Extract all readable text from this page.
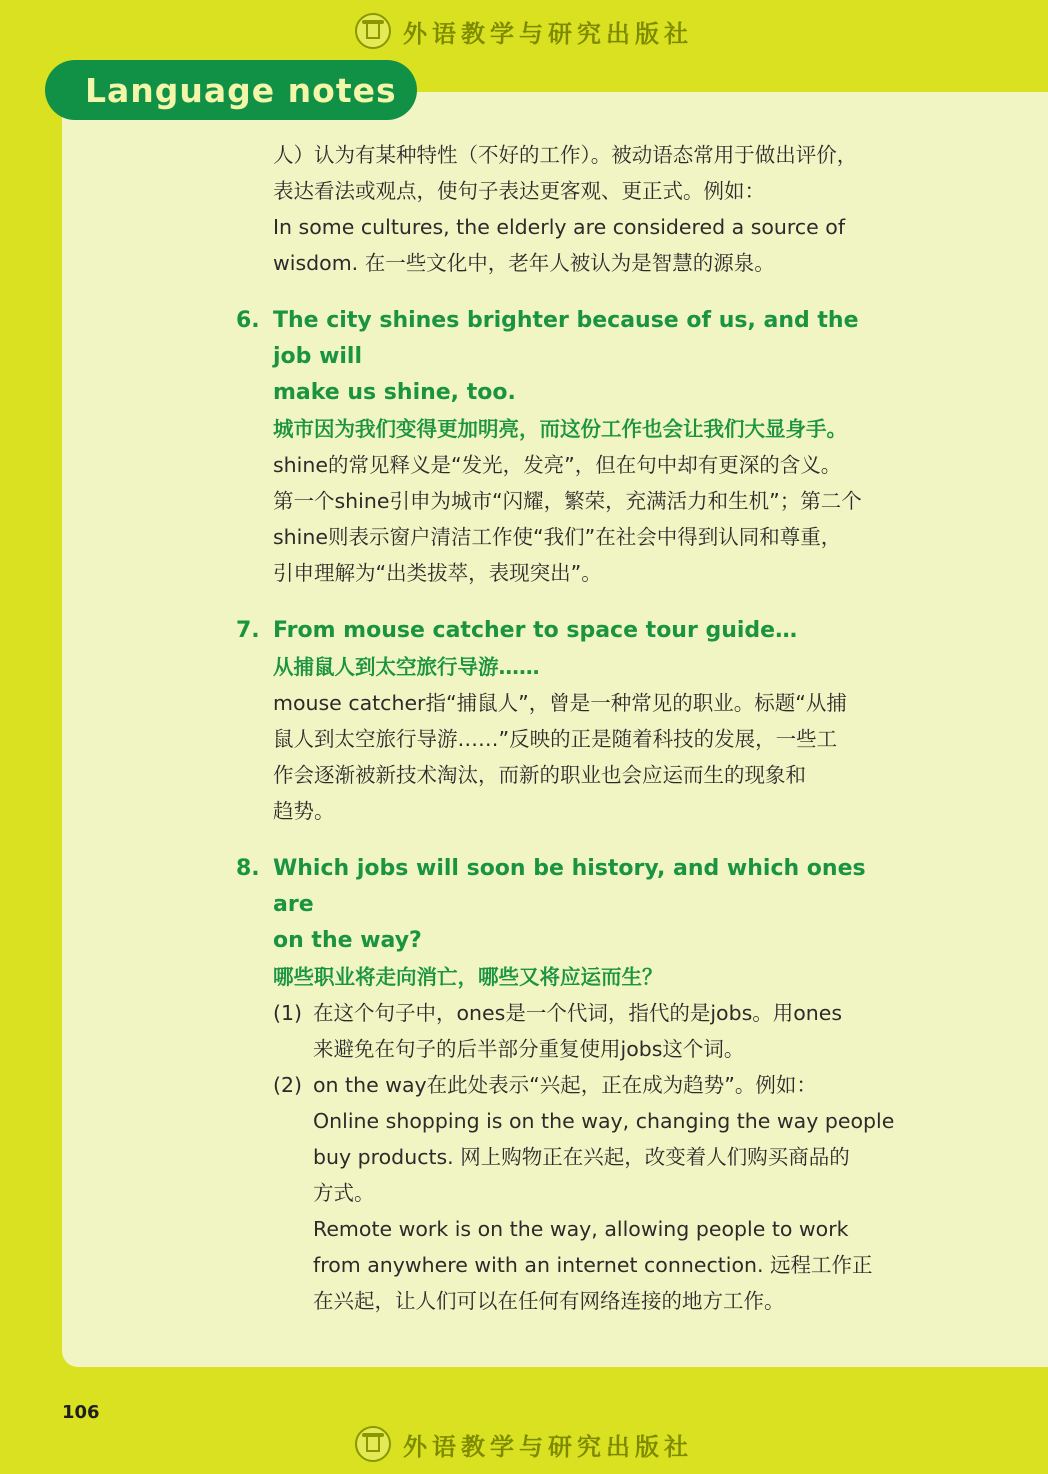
外语教学与研究出版社
Language notes
人）认为有某种特性（不好的工作）。被动语态常用于做出评价，
表达看法或观点，使句子表达更客观、更正式。例如：
In some cultures, the elderly are considered a source of
wisdom. 在一些文化中，老年人被认为是智慧的源泉。
6. The city shines brighter because of us, and the job will
make us shine, too.
城市因为我们变得更加明亮，而这份工作也会让我们大显身手。
shine的常见释义是“发光，发亮”，但在句中却有更深的含义。
第一个shine引申为城市“闪耀，繁荣，充满活力和生机”；第二个
shine则表示窗户清洁工作使“我们”在社会中得到认同和尊重，
引申理解为“出类拔萃，表现突出”。
7. From mouse catcher to space tour guide…
从捕鼠人到太空旅行导游……
mouse catcher指“捕鼠人”，曾是一种常见的职业。标题“从捕
鼠人到太空旅行导游……”反映的正是随着科技的发展，一些工
作会逐渐被新技术淘汰，而新的职业也会应运而生的现象和
趋势。
8. Which jobs will soon be history, and which ones are
on the way?
哪些职业将走向消亡，哪些又将应运而生？
(1) 在这个句子中，ones是一个代词，指代的是jobs。用ones
来避免在句子的后半部分重复使用jobs这个词。
(2) on the way在此处表示“兴起，正在成为趋势”。例如：
Online shopping is on the way, changing the way people
buy products. 网上购物正在兴起，改变着人们购买商品的
方式。
Remote work is on the way, allowing people to work
from anywhere with an internet connection. 远程工作正
在兴起，让人们可以在任何有网络连接的地方工作。
106
外语教学与研究出版社
